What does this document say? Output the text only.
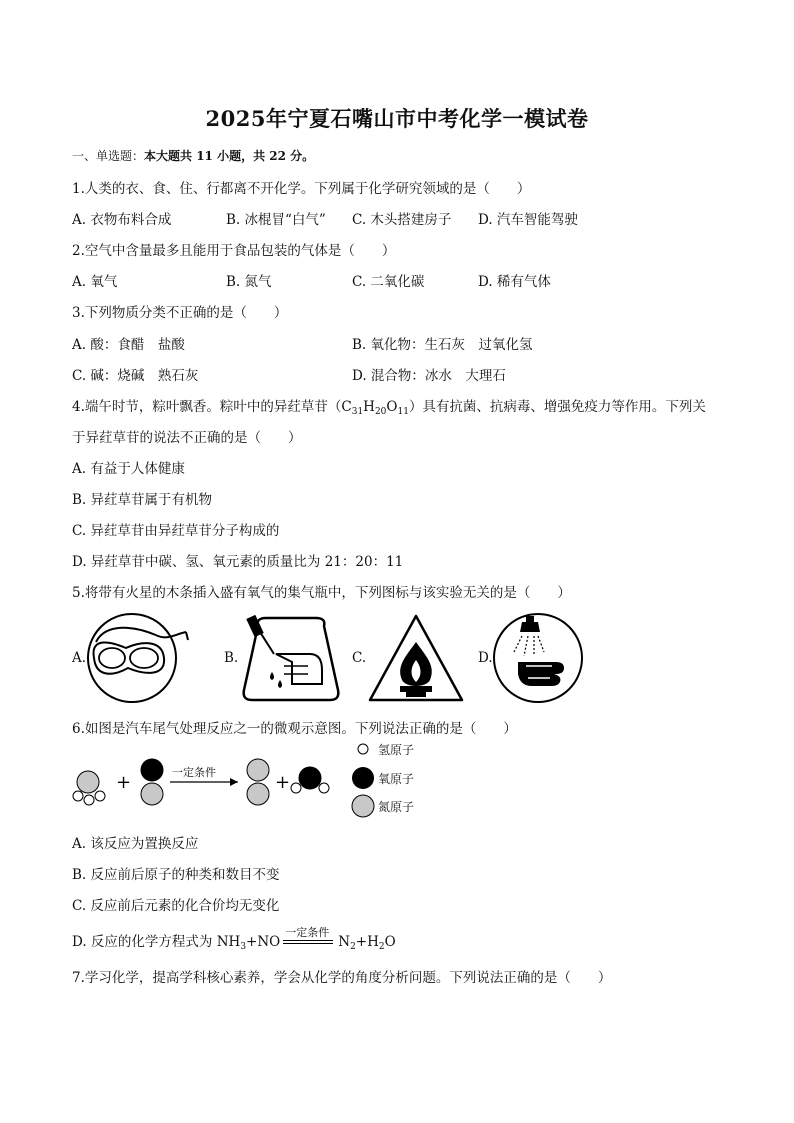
2025年宁夏石嘴山市中考化学一模试卷
一、单选题：本大题共 11 小题，共 22 分。
1.人类的衣、食、住、行都离不开化学。下列属于化学研究领域的是（　　）
A. 衣物布料合成	B. 冰棍冒“白气” C. 木头搭建房子 D. 汽车智能驾驶
2.空气中含量最多且能用于食品包装的气体是（　　）
A. 氧气	B. 氮气	C. 二氧化碳	D. 稀有气体
3.下列物质分类不正确的是（　　）
A. 酸：食醋　盐酸	B. 氧化物：生石灰　过氧化氢
C. 碱：烧碱　熟石灰	D. 混合物：冰水　大理石
4.端午时节，粽叶飘香。粽叶中的异荭草苷$(C_{31}H_{20}O_{11})$具有抗菌、抗病毒、增强免疫力等作用。下列关
于异荭草苷的说法不正确的是（　　）
A. 有益于人体健康
B. 异荭草苷属于有机物
C. 异荭草苷由异荭草苷分子构成的
D. 异荭草苷中碳、氢、氧元素的质量比为 21：20：11
5.将带有火星的木条插入盛有氧气的集气瓶中，下列图标与该实验无关的是（　　）
A.	B.	C.	D.
6.如图是汽车尾气处理反应之一的微观示意图。下列说法正确的是（　　）
+	+
一定条件
氢原子
氧原子
氮原子
A. 该反应为置换反应
B. 反应前后原子的种类和数目不变
C. 反应前后元素的化合价均无变化
D. 反应的化学方程式为 $NH_3+NO$
一定条件
$N_2+H_2O$
7.学习化学，提高学科核心素养，学会从化学的角度分析问题。下列说法正确的是（　　）
